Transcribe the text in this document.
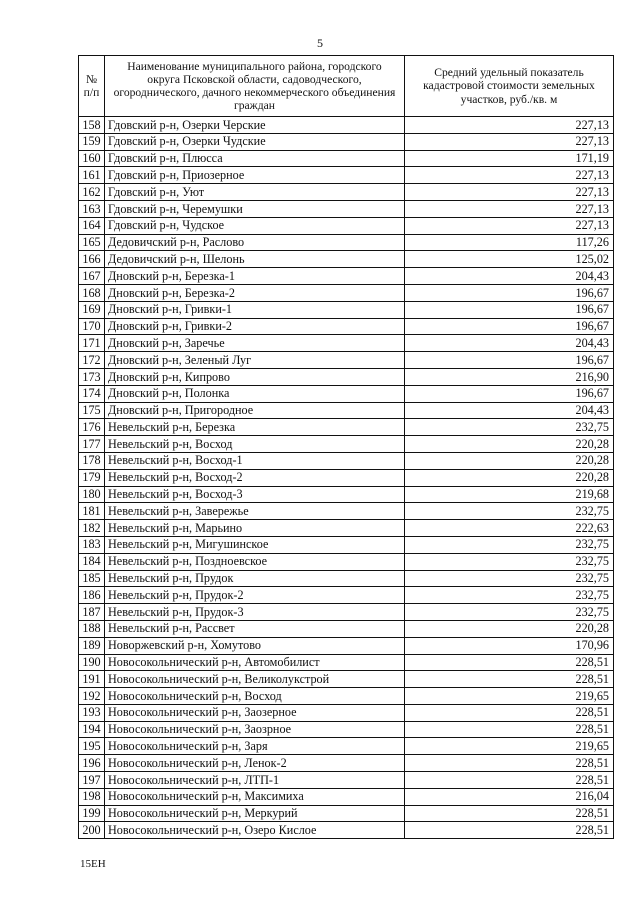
5
№ п/п	Наименование муниципального района, городского округа Псковской области, садоводческого, огороднического, дачного некоммерческого объединения граждан	Средний удельный показатель кадастровой стоимости земельных участков, руб./кв. м
158	Гдовский р-н, Озерки Черские	227,13
159	Гдовский р-н, Озерки Чудские	227,13
160	Гдовский р-н, Плюсса	171,19
161	Гдовский р-н, Приозерное	227,13
162	Гдовский р-н, Уют	227,13
163	Гдовский р-н, Черемушки	227,13
164	Гдовский р-н, Чудское	227,13
165	Дедовичский р-н, Раслово	117,26
166	Дедовичский р-н, Шелонь	125,02
167	Дновский р-н, Березка-1	204,43
168	Дновский р-н, Березка-2	196,67
169	Дновский р-н, Гривки-1	196,67
170	Дновский р-н, Гривки-2	196,67
171	Дновский р-н, Заречье	204,43
172	Дновский р-н, Зеленый Луг	196,67
173	Дновский р-н, Кипрово	216,90
174	Дновский р-н, Полонка	196,67
175	Дновский р-н, Пригородное	204,43
176	Невельский р-н, Березка	232,75
177	Невельский р-н, Восход	220,28
178	Невельский р-н, Восход-1	220,28
179	Невельский р-н, Восход-2	220,28
180	Невельский р-н, Восход-3	219,68
181	Невельский р-н, Завережье	232,75
182	Невельский р-н, Марьино	222,63
183	Невельский р-н, Мигушинское	232,75
184	Невельский р-н, Поздноевское	232,75
185	Невельский р-н, Прудок	232,75
186	Невельский р-н, Прудок-2	232,75
187	Невельский р-н, Прудок-3	232,75
188	Невельский р-н, Рассвет	220,28
189	Новоржевский р-н, Хомутово	170,96
190	Новосокольнический р-н, Автомобилист	228,51
191	Новосокольнический р-н, Великолукстрой	228,51
192	Новосокольнический р-н, Восход	219,65
193	Новосокольнический р-н, Заозерное	228,51
194	Новосокольнический р-н, Заозрное	228,51
195	Новосокольнический р-н, Заря	219,65
196	Новосокольнический р-н, Ленок-2	228,51
197	Новосокольнический р-н, ЛТП-1	228,51
198	Новосокольнический р-н, Максимиха	216,04
199	Новосокольнический р-н, Меркурий	228,51
200	Новосокольнический р-н, Озеро Кислое	228,51
15ЕН
